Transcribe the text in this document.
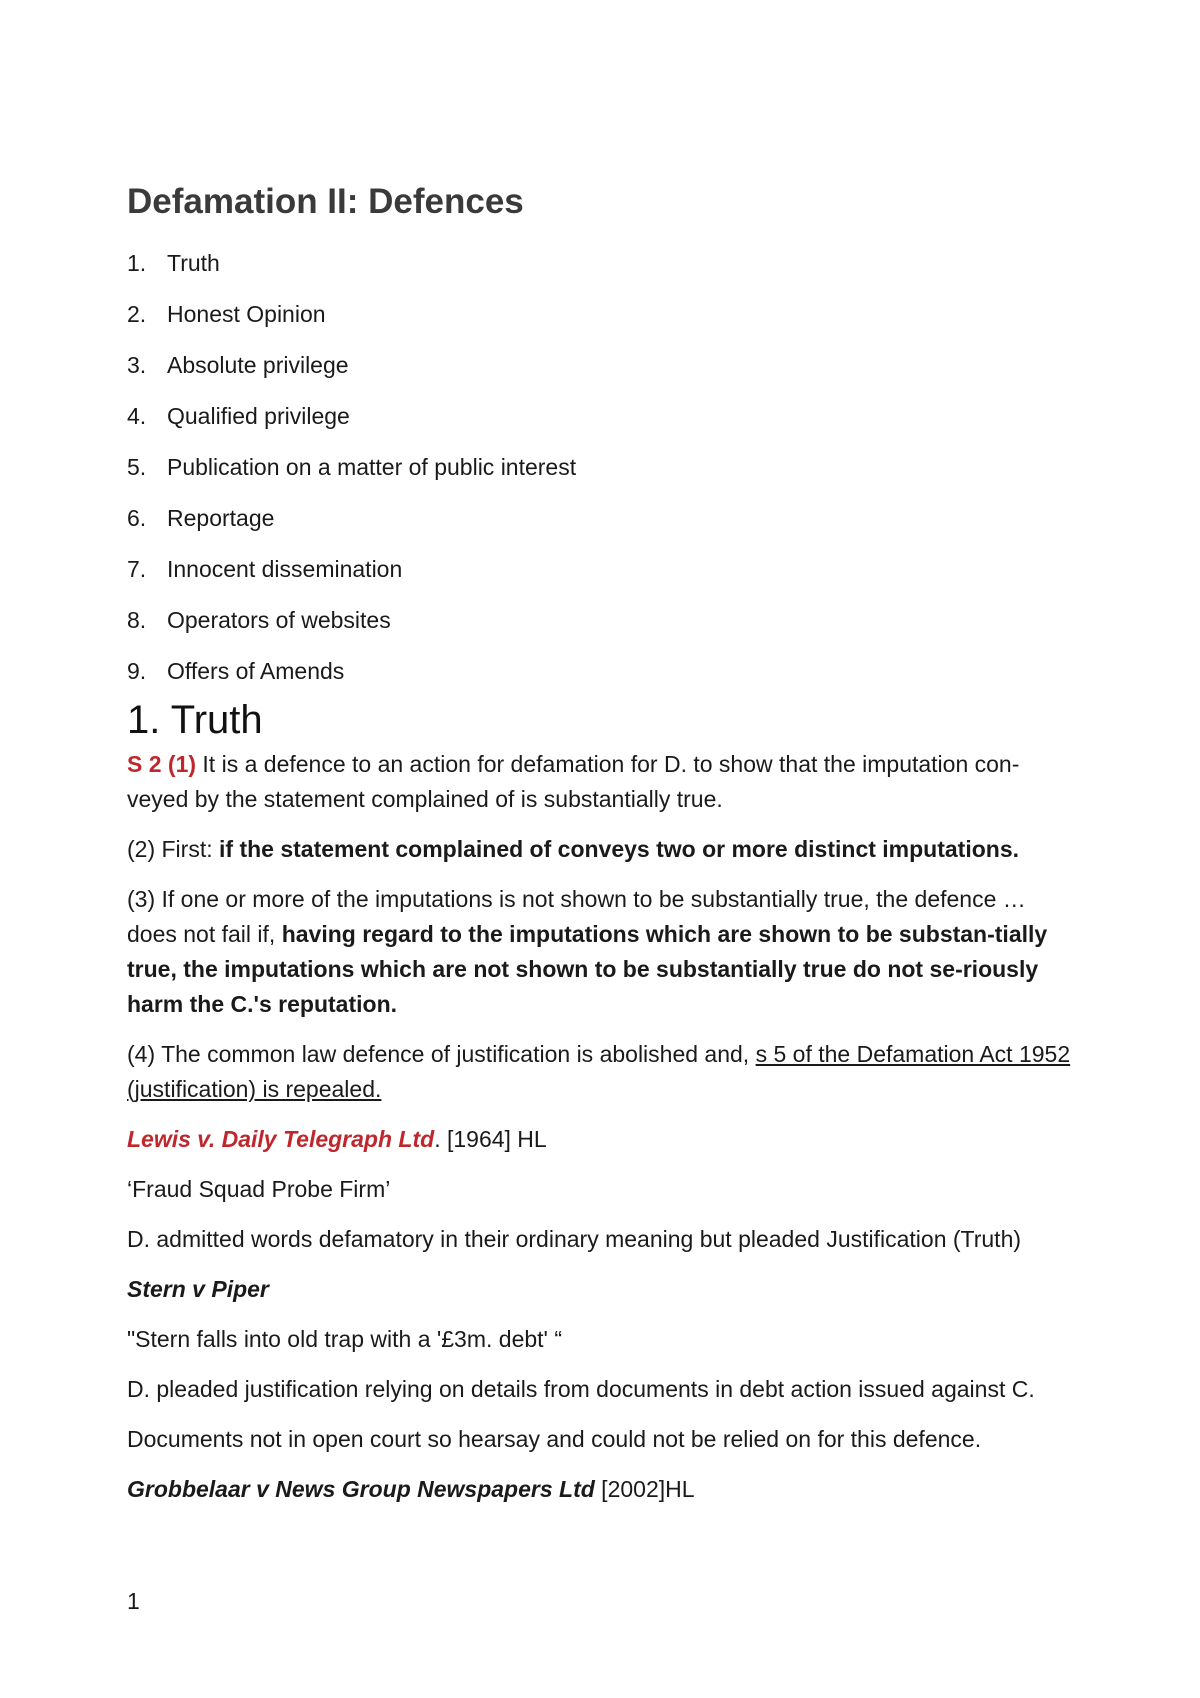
Defamation II: Defences
1. Truth
2. Honest Opinion
3. Absolute privilege
4. Qualified privilege
5. Publication on a matter of public interest
6. Reportage
7. Innocent dissemination
8. Operators of websites
9. Offers of Amends
1. Truth

S 2 (1) It is a defence to an action for defamation for D. to show that the imputation con-veyed by the statement complained of is substantially true.

(2) First: if the statement complained of conveys two or more distinct imputations.

(3) If one or more of the imputations is not shown to be substantially true, the defence … does not fail if, having regard to the imputations which are shown to be substan-tially true, the imputations which are not shown to be substantially true do not se-riously harm the C.'s reputation.

(4) The common law defence of justification is abolished and, s 5 of the Defamation Act 1952 (justification) is repealed.

Lewis v. Daily Telegraph Ltd. [1964] HL

‘Fraud Squad Probe Firm’

D. admitted words defamatory in their ordinary meaning but pleaded Justification (Truth)

Stern v Piper

"Stern falls into old trap with a '£3m. debt' “

D. pleaded justification relying on details from documents in debt action issued against C.

Documents not in open court so hearsay and could not be relied on for this defence.

Grobbelaar v News Group Newspapers Ltd [2002]HL

1
